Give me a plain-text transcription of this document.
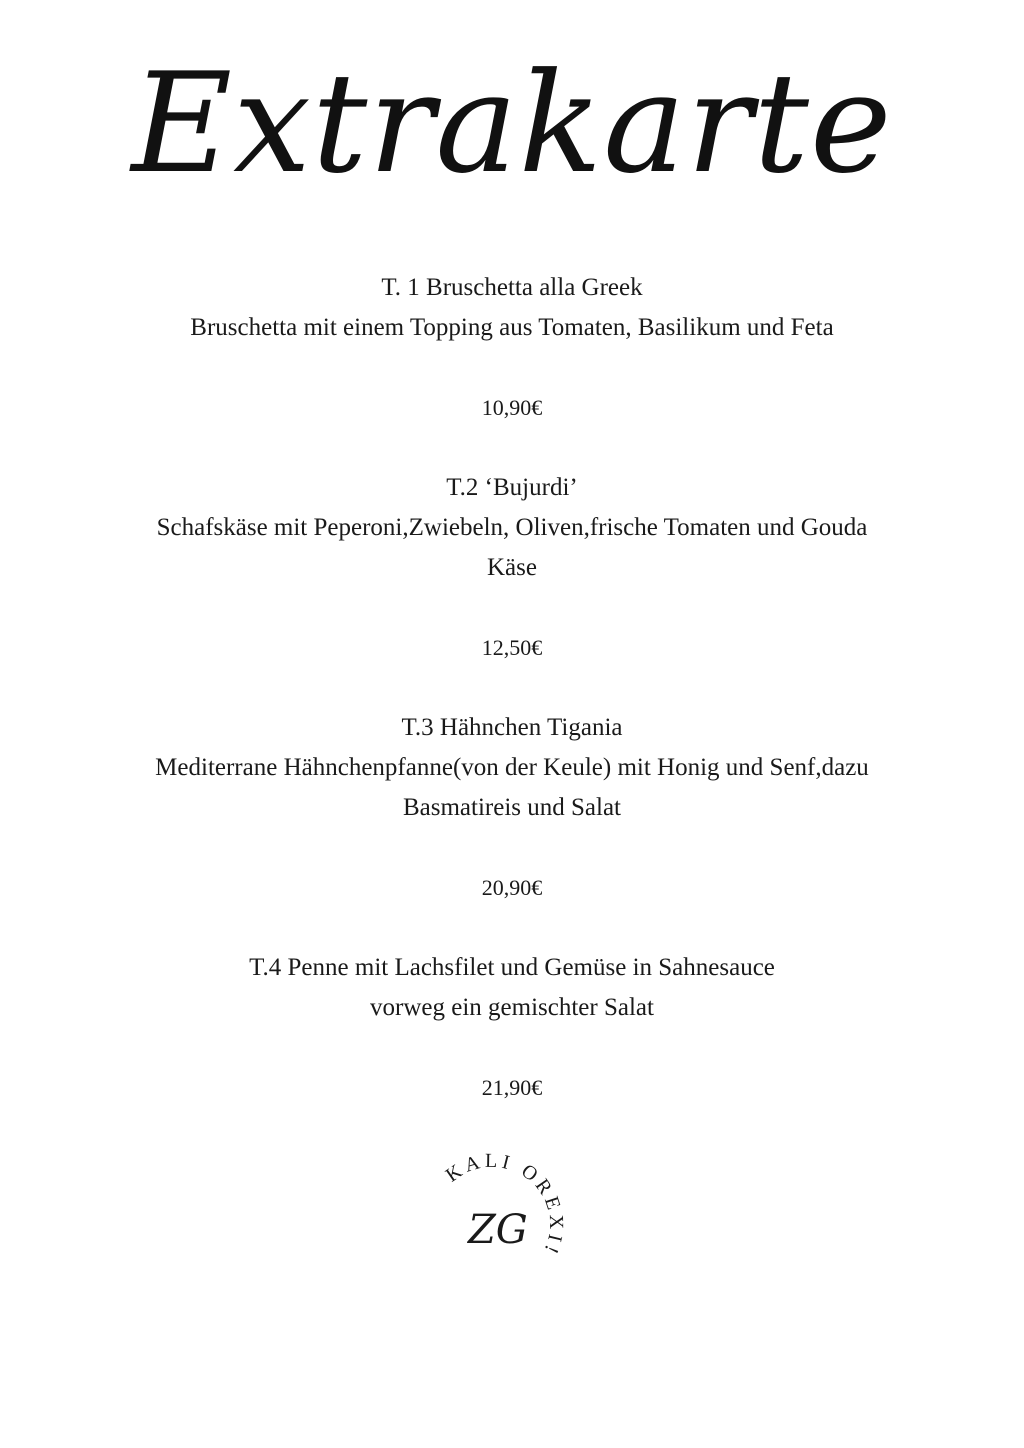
Extrakarte
T. 1 Bruschetta alla Greek
Bruschetta mit einem Topping aus Tomaten, Basilikum und Feta
10,90€
T.2 ‘Bujurdi’
Schafskäse mit Peperoni,Zwiebeln, Oliven,frische Tomaten und Gouda Käse
12,50€
T.3 Hähnchen Tigania
Mediterrane Hähnchenpfanne(von der Keule) mit Honig und Senf,dazu Basmatireis und Salat
20,90€
T.4 Penne mit Lachsfilet und Gemüse in Sahnesauce
vorweg ein gemischter Salat
21,90€
KALI OREXI!
ZG
